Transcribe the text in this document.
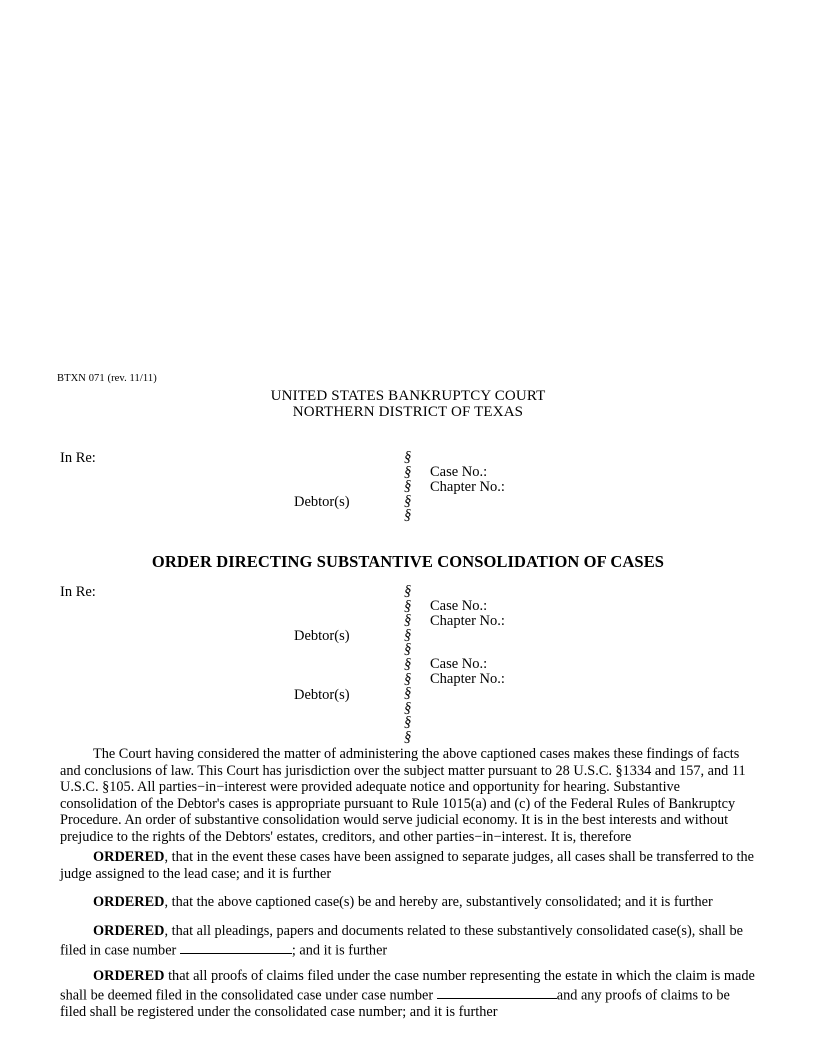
BTXN 071 (rev. 11/11)
UNITED STATES BANKRUPTCY COURT
NORTHERN DISTRICT OF TEXAS
In Re:
Debtor(s)
§
§
§
§
§
Case No.:
Chapter No.:
ORDER DIRECTING SUBSTANTIVE CONSOLIDATION OF CASES
In Re:
Debtor(s)
Debtor(s)
§
§
§
§
§
§
§
§
§
§
§
Case No.:
Chapter No.:
Case No.:
Chapter No.:
The Court having considered the matter of administering the above captioned cases makes these findings of facts and conclusions of law. This Court has jurisdiction over the subject matter pursuant to 28 U.S.C. §1334 and 157, and 11 U.S.C. §105. All parties−in−interest were provided adequate notice and opportunity for hearing. Substantive consolidation of the Debtor's cases is appropriate pursuant to Rule 1015(a) and (c) of the Federal Rules of Bankruptcy Procedure. An order of substantive consolidation would serve judicial economy. It is in the best interests and without prejudice to the rights of the Debtors' estates, creditors, and other parties−in−interest. It is, therefore
ORDERED, that in the event these cases have been assigned to separate judges, all cases shall be transferred to the judge assigned to the lead case; and it is further
ORDERED, that the above captioned case(s) be and hereby are, substantively consolidated; and it is further
ORDERED, that all pleadings, papers and documents related to these substantively consolidated case(s), shall be filed in case number	; and it is further
ORDERED that all proofs of claims filed under the case number representing the estate in which the claim is made shall be deemed filed in the consolidated case under case number	and any proofs of claims to be filed shall be registered under the consolidated case number; and it is further
